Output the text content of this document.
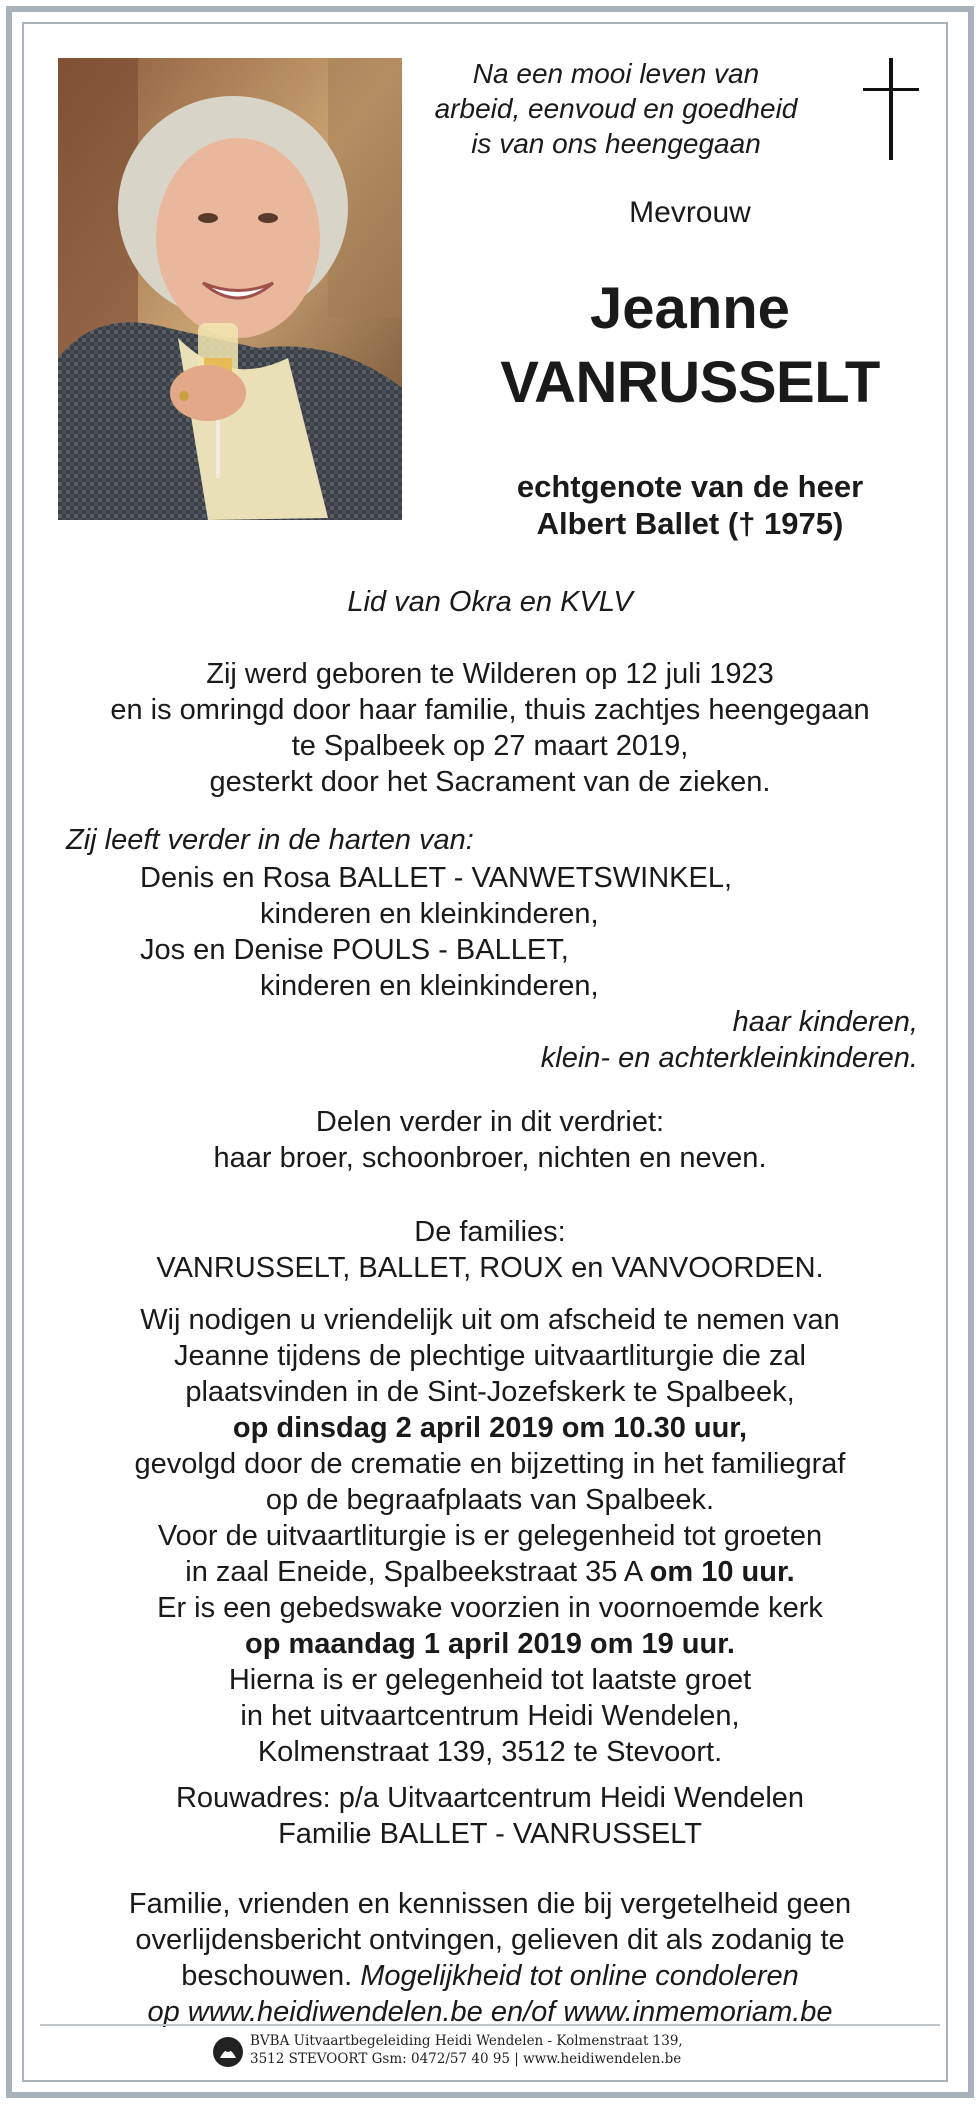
Na een mooi leven van
arbeid, eenvoud en goedheid
is van ons heengegaan
Mevrouw
Jeanne
VANRUSSELT
echtgenote van de heer
Albert Ballet († 1975)
Lid van Okra en KVLV
Zij werd geboren te Wilderen op 12 juli 1923
en is omringd door haar familie, thuis zachtjes heengegaan
te Spalbeek op 27 maart 2019,
gesterkt door het Sacrament van de zieken.
Zij leeft verder in de harten van:
Denis en Rosa BALLET - VANWETSWINKEL,
kinderen en kleinkinderen,
Jos en Denise POULS - BALLET,
kinderen en kleinkinderen,
haar kinderen,
klein- en achterkleinkinderen.
Delen verder in dit verdriet:
haar broer, schoonbroer, nichten en neven.
De families:
VANRUSSELT, BALLET, ROUX en VANVOORDEN.
Wij nodigen u vriendelijk uit om afscheid te nemen van
Jeanne tijdens de plechtige uitvaartliturgie die zal
plaatsvinden in de Sint-Jozefskerk te Spalbeek,
op dinsdag 2 april 2019 om 10.30 uur,
gevolgd door de crematie en bijzetting in het familiegraf
op de begraafplaats van Spalbeek.
Voor de uitvaartliturgie is er gelegenheid tot groeten
in zaal Eneide, Spalbeekstraat 35 A om 10 uur.
Er is een gebedswake voorzien in voornoemde kerk
op maandag 1 april 2019 om 19 uur.
Hierna is er gelegenheid tot laatste groet
in het uitvaartcentrum Heidi Wendelen,
Kolmenstraat 139, 3512 te Stevoort.
Rouwadres: p/a Uitvaartcentrum Heidi Wendelen
Familie BALLET - VANRUSSELT
Familie, vrienden en kennissen die bij vergetelheid geen
overlijdensbericht ontvingen, gelieven dit als zodanig te
beschouwen. Mogelijkheid tot online condoleren
op www.heidiwendelen.be en/of www.inmemoriam.be
BVBA Uitvaartbegeleiding Heidi Wendelen - Kolmenstraat 139,
3512 STEVOORT Gsm: 0472/57 40 95 | www.heidiwendelen.be
